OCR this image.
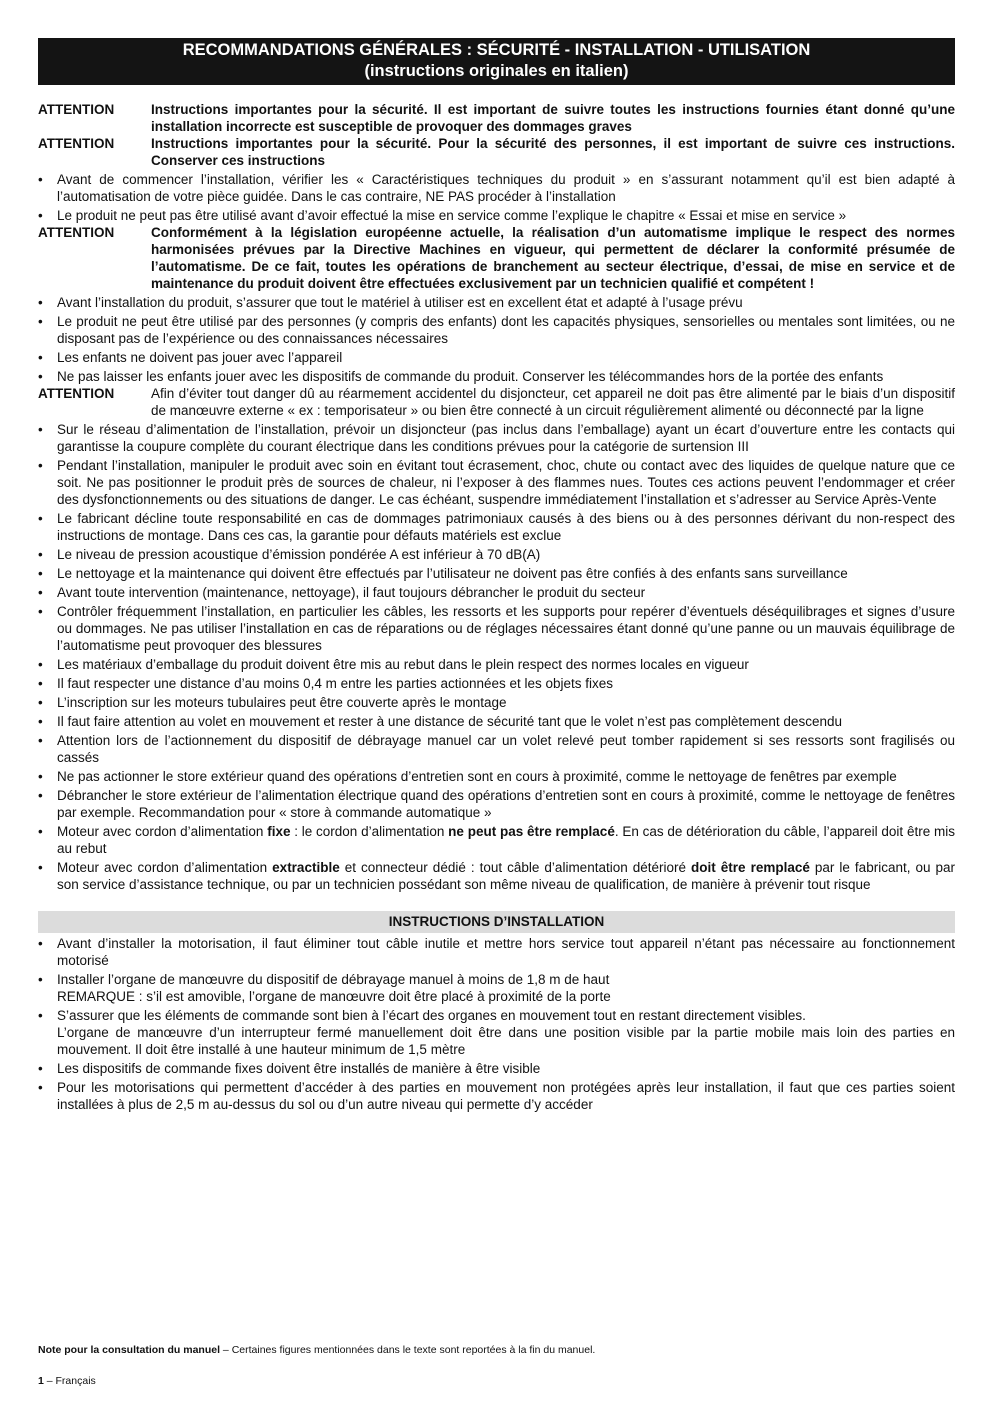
RECOMMANDATIONS GÉNÉRALES : SÉCURITÉ - INSTALLATION - UTILISATION
(instructions originales en italien)
ATTENTION	Instructions importantes pour la sécurité. Il est important de suivre toutes les instructions fournies étant donné qu’une installation incorrecte est susceptible de provoquer des dommages graves
ATTENTION	Instructions importantes pour la sécurité. Pour la sécurité des personnes, il est important de suivre ces instructions. Conserver ces instructions
•	Avant de commencer l’installation, vérifier les « Caractéristiques techniques du produit » en s’assurant notamment qu’il est bien adapté à l’automatisation de votre pièce guidée. Dans le cas contraire, NE PAS procéder à l’installation
•	Le produit ne peut pas être utilisé avant d’avoir effectué la mise en service comme l’explique le chapitre « Essai et mise en service »
ATTENTION	Conformément à la législation européenne actuelle, la réalisation d’un automatisme implique le respect des normes harmonisées prévues par la Directive Machines en vigueur, qui permettent de déclarer la conformité présumée de l’automatisme. De ce fait, toutes les opérations de branchement au secteur électrique, d’essai, de mise en service et de maintenance du produit doivent être effectuées exclusivement par un technicien qualifié et compétent !
•	Avant l’installation du produit, s’assurer que tout le matériel à utiliser est en excellent état et adapté à l’usage prévu
•	Le produit ne peut être utilisé par des personnes (y compris des enfants) dont les capacités physiques, sensorielles ou mentales sont limitées, ou ne disposant pas de l’expérience ou des connaissances nécessaires
•	Les enfants ne doivent pas jouer avec l’appareil
•	Ne pas laisser les enfants jouer avec les dispositifs de commande du produit. Conserver les télécommandes hors de la portée des enfants
ATTENTION	Afin d’éviter tout danger dû au réarmement accidentel du disjoncteur, cet appareil ne doit pas être alimenté par le biais d’un dispositif de manœuvre externe « ex : temporisateur » ou bien être connecté à un circuit régulièrement alimenté ou déconnecté par la ligne
•	Sur le réseau d’alimentation de l’installation, prévoir un disjoncteur (pas inclus dans l’emballage) ayant un écart d’ouverture entre les contacts qui garantisse la coupure complète du courant électrique dans les conditions prévues pour la catégorie de surtension III
•	Pendant l’installation, manipuler le produit avec soin en évitant tout écrasement, choc, chute ou contact avec des liquides de quelque nature que ce soit. Ne pas positionner le produit près de sources de chaleur, ni l’exposer à des flammes nues. Toutes ces actions peuvent l’endommager et créer des dysfonctionnements ou des situations de danger. Le cas échéant, suspendre immédiatement l’installation et s’adresser au Service Après-Vente
•	Le fabricant décline toute responsabilité en cas de dommages patrimoniaux causés à des biens ou à des personnes dérivant du non-respect des instructions de montage. Dans ces cas, la garantie pour défauts matériels est exclue
•	Le niveau de pression acoustique d’émission pondérée A est inférieur à 70 dB(A)
•	Le nettoyage et la maintenance qui doivent être effectués par l’utilisateur ne doivent pas être confiés à des enfants sans surveillance
•	Avant toute intervention (maintenance, nettoyage), il faut toujours débrancher le produit du secteur
•	Contrôler fréquemment l’installation, en particulier les câbles, les ressorts et les supports pour repérer d’éventuels déséquilibrages et signes d’usure ou dommages. Ne pas utiliser l’installation en cas de réparations ou de réglages nécessaires étant donné qu’une panne ou un mauvais équilibrage de l’automatisme peut provoquer des blessures
•	Les matériaux d’emballage du produit doivent être mis au rebut dans le plein respect des normes locales en vigueur
•	Il faut respecter une distance d’au moins 0,4 m entre les parties actionnées et les objets fixes
•	L’inscription sur les moteurs tubulaires peut être couverte après le montage
•	Il faut faire attention au volet en mouvement et rester à une distance de sécurité tant que le volet n’est pas complètement descendu
•	Attention lors de l’actionnement du dispositif de débrayage manuel car un volet relevé peut tomber rapidement si ses ressorts sont fragilisés ou cassés
•	Ne pas actionner le store extérieur quand des opérations d’entretien sont en cours à proximité, comme le nettoyage de fenêtres par exemple
•	Débrancher le store extérieur de l’alimentation électrique quand des opérations d’entretien sont en cours à proximité, comme le nettoyage de fenêtres par exemple. Recommandation pour « store à commande automatique »
•	Moteur avec cordon d’alimentation fixe : le cordon d’alimentation ne peut pas être remplacé. En cas de détérioration du câble, l’appareil doit être mis au rebut
•	Moteur avec cordon d’alimentation extractible et connecteur dédié : tout câble d’alimentation détérioré doit être remplacé par le fabricant, ou par son service d’assistance technique, ou par un technicien possédant son même niveau de qualification, de manière à prévenir tout risque
INSTRUCTIONS D’INSTALLATION
•	Avant d’installer la motorisation, il faut éliminer tout câble inutile et mettre hors service tout appareil n’étant pas nécessaire au fonctionnement motorisé
•	Installer l’organe de manœuvre du dispositif de débrayage manuel à moins de 1,8 m de haut
REMARQUE : s’il est amovible, l’organe de manœuvre doit être placé à proximité de la porte
•	S’assurer que les éléments de commande sont bien à l’écart des organes en mouvement tout en restant directement visibles.
L’organe de manœuvre d’un interrupteur fermé manuellement doit être dans une position visible par la partie mobile mais loin des parties en mouvement. Il doit être installé à une hauteur minimum de 1,5 mètre
•	Les dispositifs de commande fixes doivent être installés de manière à être visible
•	Pour les motorisations qui permettent d’accéder à des parties en mouvement non protégées après leur installation, il faut que ces parties soient installées à plus de 2,5 m au-dessus du sol ou d’un autre niveau qui permette d’y accéder
Note pour la consultation du manuel – Certaines figures mentionnées dans le texte sont reportées à la fin du manuel.
1 – Français
